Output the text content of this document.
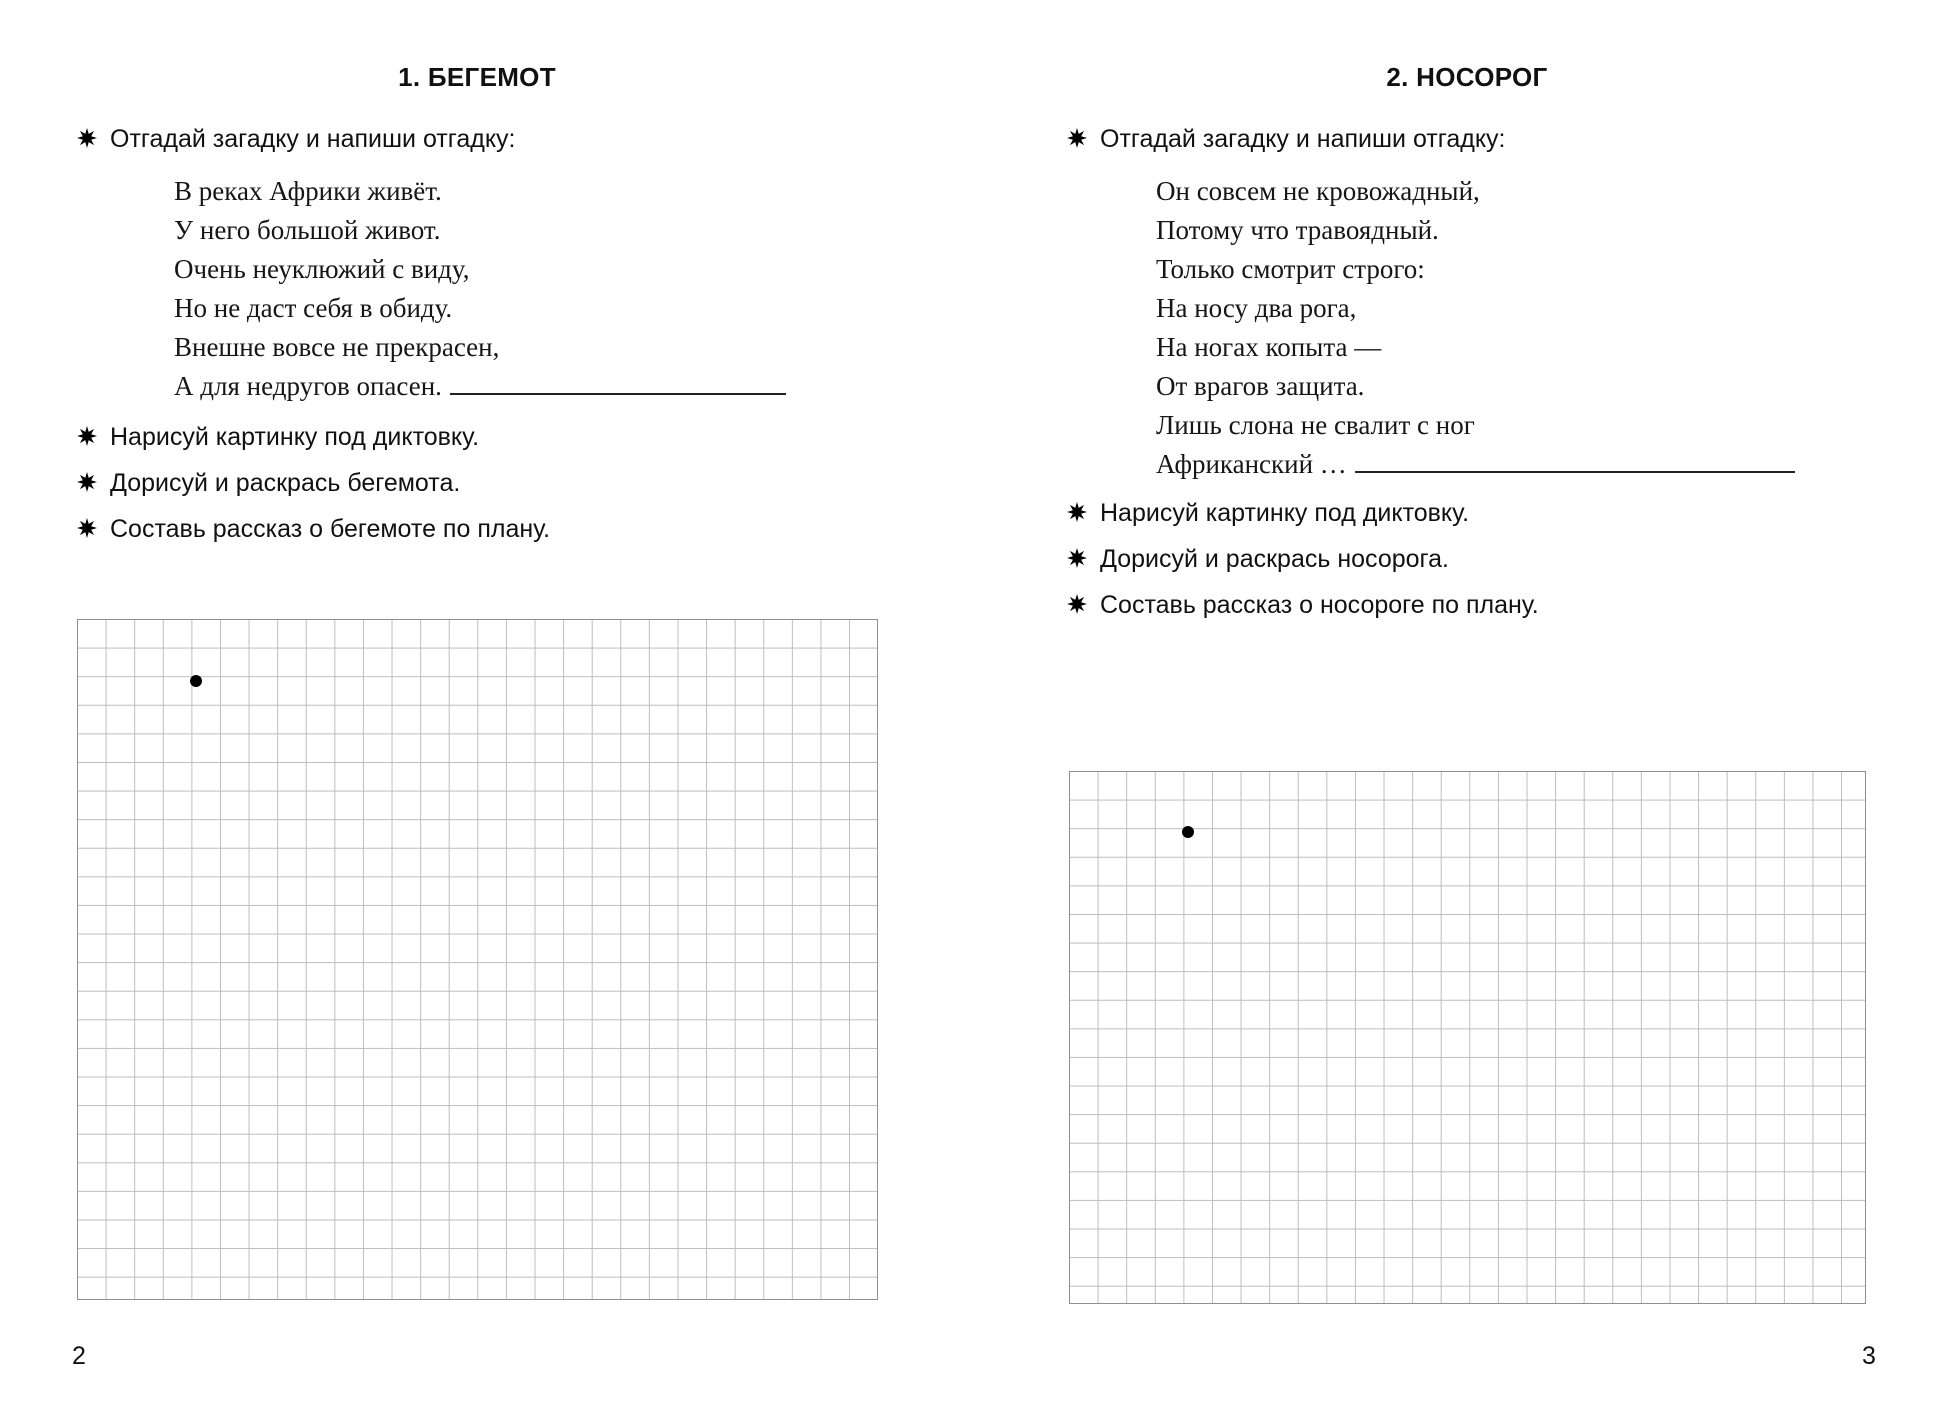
1. БЕГЕМОТ
Отгадай загадку и напиши отгадку:
В реках Африки живёт.
У него большой живот.
Очень неуклюжий с виду,
Но не даст себя в обиду.
Внешне вовсе не прекрасен,
А для недругов опасен.
Нарисуй картинку под диктовку.
Дорисуй и раскрась бегемота.
Составь рассказ о бегемоте по плану.
2
2. НОСОРОГ
Отгадай загадку и напиши отгадку:
Он совсем не кровожадный,
Потому что травоядный.
Только смотрит строго:
На носу два рога,
На ногах копыта —
От врагов защита.
Лишь слона не свалит с ног
Африканский …
Нарисуй картинку под диктовку.
Дорисуй и раскрась носорога.
Составь рассказ о носороге по плану.
3
